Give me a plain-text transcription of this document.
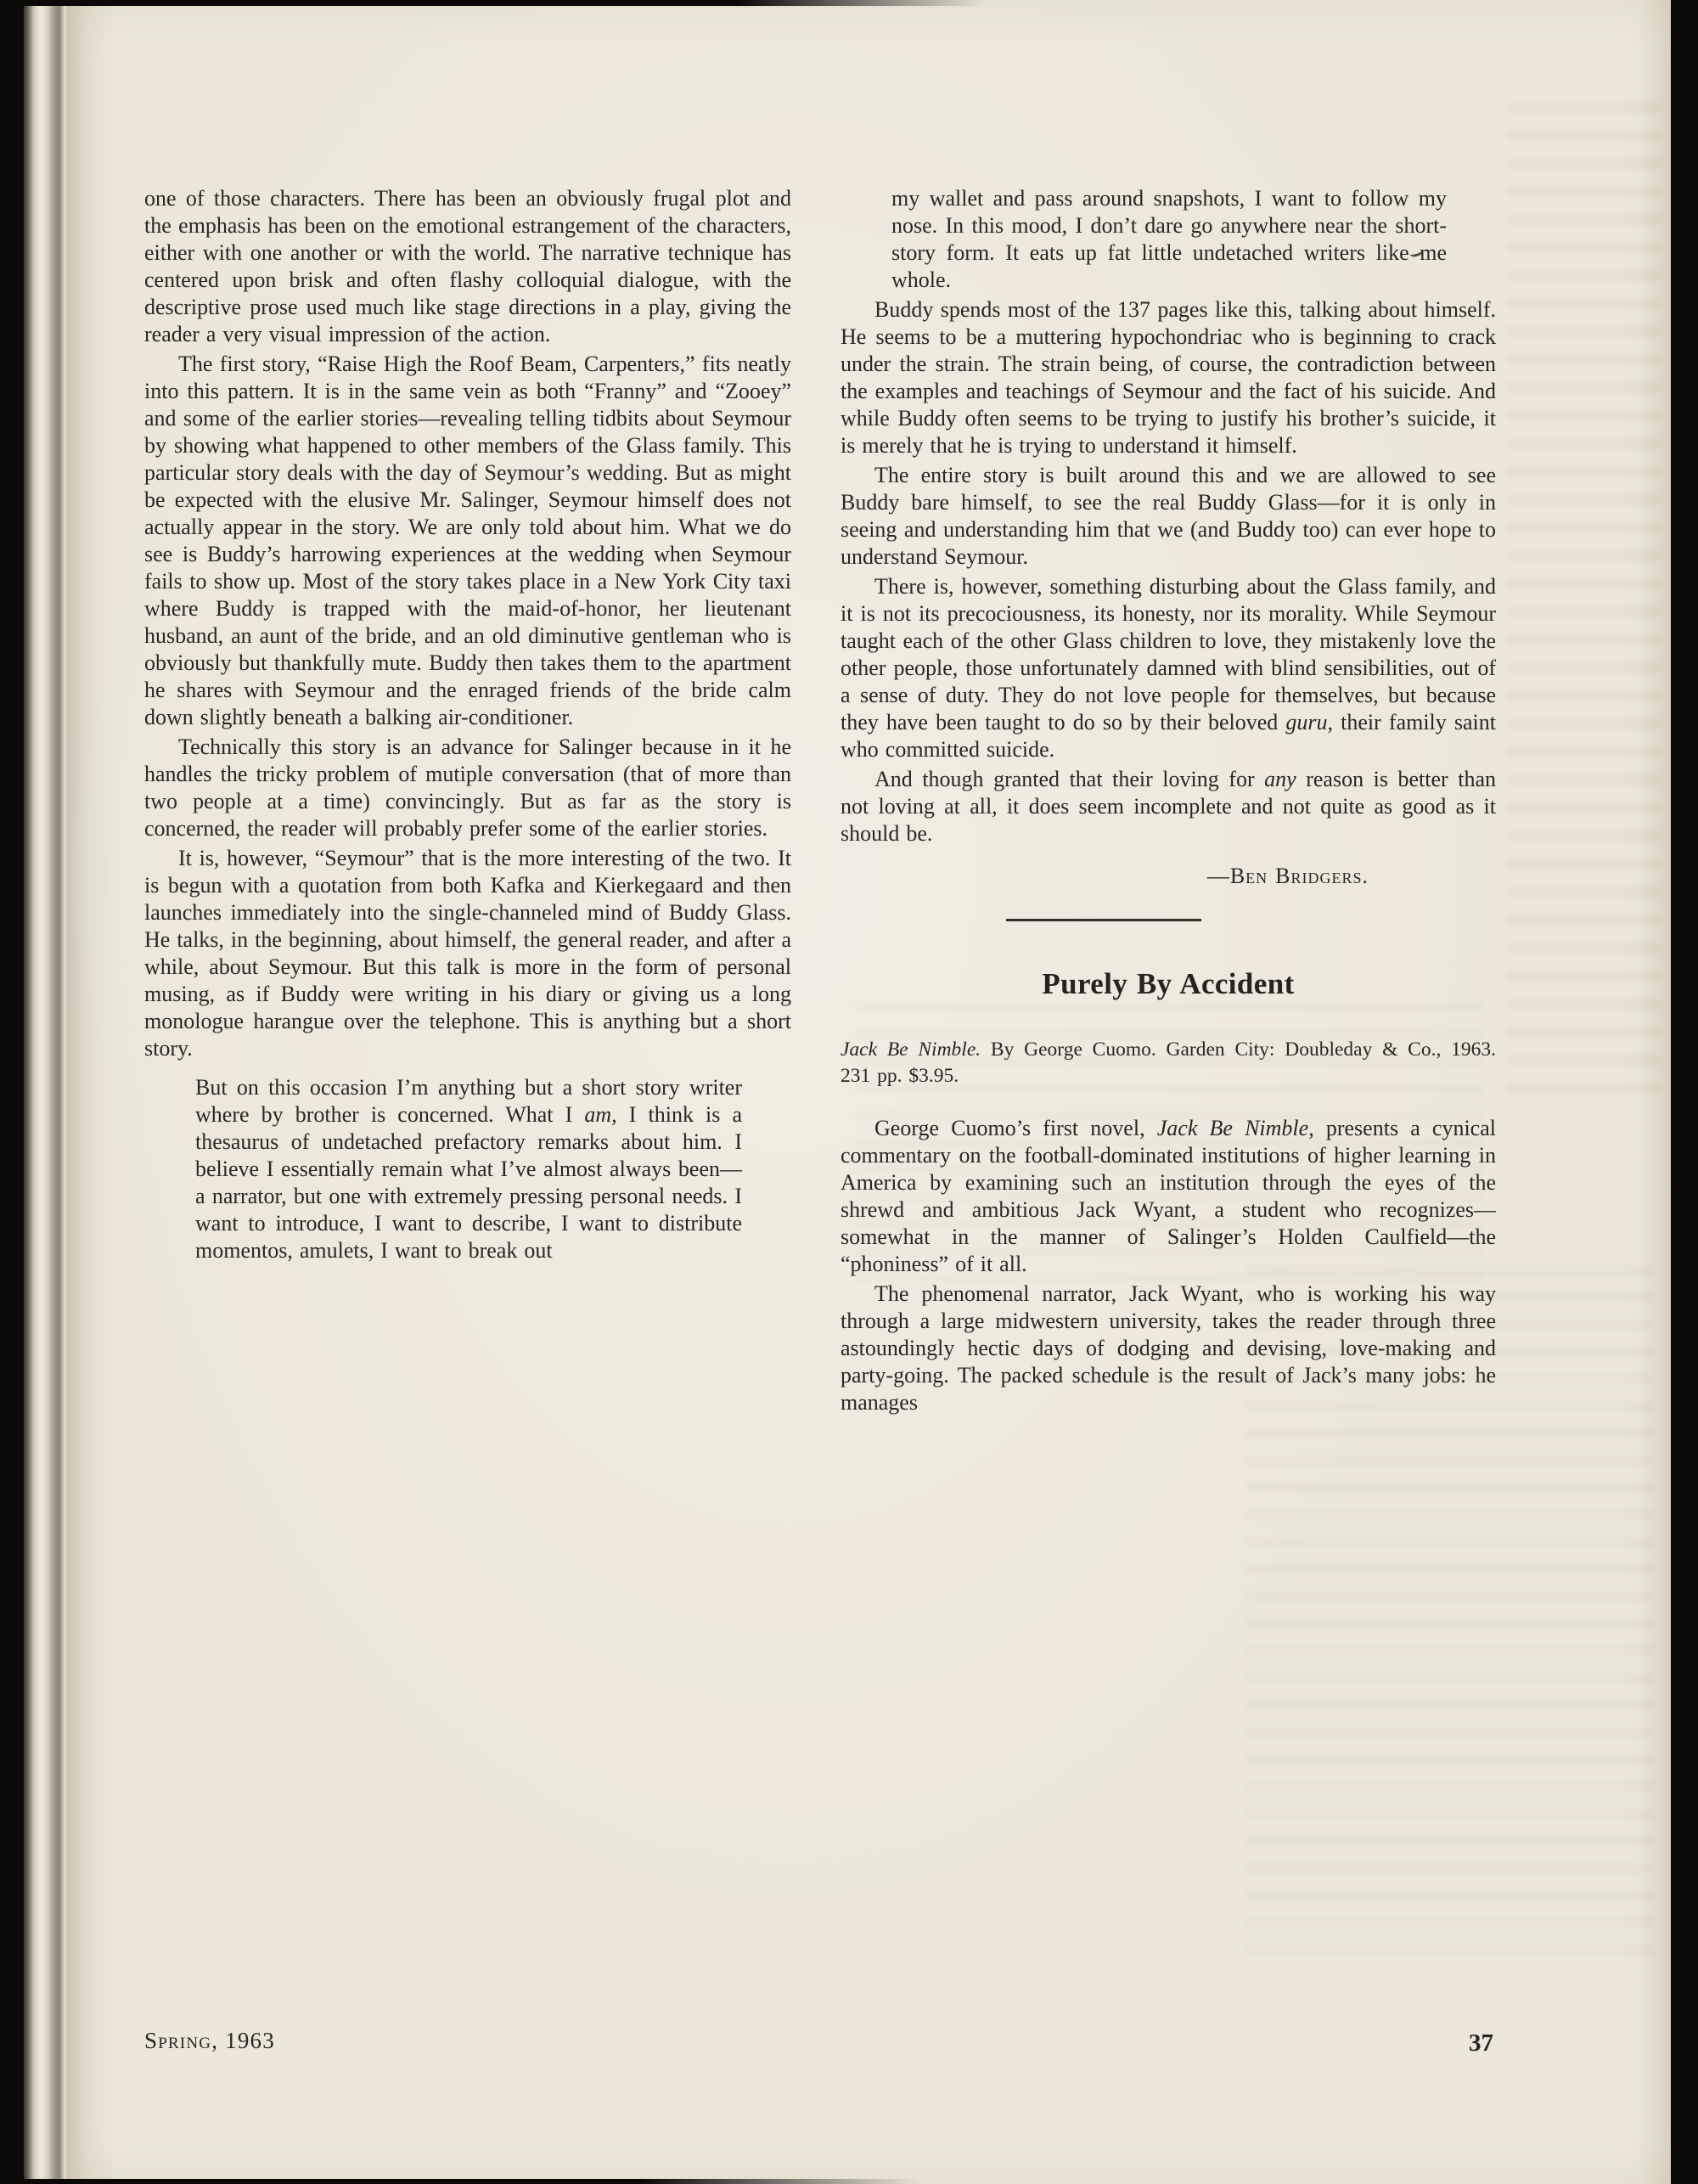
one of those characters. There has been an obviously frugal plot and the emphasis has been on the emotional estrangement of the characters, either with one another or with the world. The narrative technique has centered upon brisk and often flashy colloquial dialogue, with the descriptive prose used much like stage directions in a play, giving the reader a very visual impression of the action.
The first story, “Raise High the Roof Beam, Carpenters,” fits neatly into this pattern. It is in the same vein as both “Franny” and “Zooey” and some of the earlier stories—revealing telling tidbits about Seymour by showing what happened to other members of the Glass family. This particular story deals with the day of Seymour’s wedding. But as might be expected with the elusive Mr. Salinger, Seymour himself does not actually appear in the story. We are only told about him. What we do see is Buddy’s harrowing experiences at the wedding when Seymour fails to show up. Most of the story takes place in a New York City taxi where Buddy is trapped with the maid-of-honor, her lieutenant husband, an aunt of the bride, and an old diminutive gentleman who is obviously but thankfully mute. Buddy then takes them to the apartment he shares with Seymour and the enraged friends of the bride calm down slightly beneath a balking air-conditioner.
Technically this story is an advance for Salinger because in it he handles the tricky problem of mutiple conversation (that of more than two people at a time) convincingly. But as far as the story is concerned, the reader will probably prefer some of the earlier stories.
It is, however, “Seymour” that is the more interesting of the two. It is begun with a quotation from both Kafka and Kierkegaard and then launches immediately into the single-channeled mind of Buddy Glass. He talks, in the beginning, about himself, the general reader, and after a while, about Seymour. But this talk is more in the form of personal musing, as if Buddy were writing in his diary or giving us a long monologue harangue over the telephone. This is anything but a short story.
But on this occasion I’m anything but a short story writer where by brother is concerned. What I am, I think is a thesaurus of undetached prefactory remarks about him. I believe I essentially remain what I’ve almost always been—a narrator, but one with extremely pressing personal needs. I want to introduce, I want to describe, I want to distribute momentos, amulets, I want to break out
my wallet and pass around snapshots, I want to follow my nose. In this mood, I don’t dare go anywhere near the short-story form. It eats up fat little undetached writers like me whole.
Buddy spends most of the 137 pages like this, talking about himself. He seems to be a muttering hypochondriac who is beginning to crack under the strain. The strain being, of course, the contradiction between the examples and teachings of Seymour and the fact of his suicide. And while Buddy often seems to be trying to justify his brother’s suicide, it is merely that he is trying to understand it himself.
The entire story is built around this and we are allowed to see Buddy bare himself, to see the real Buddy Glass—for it is only in seeing and understanding him that we (and Buddy too) can ever hope to understand Seymour.
There is, however, something disturbing about the Glass family, and it is not its precociousness, its honesty, nor its morality. While Seymour taught each of the other Glass children to love, they mistakenly love the other people, those unfortunately damned with blind sensibilities, out of a sense of duty. They do not love people for themselves, but because they have been taught to do so by their beloved guru, their family saint who committed suicide.
And though granted that their loving for any reason is better than not loving at all, it does seem incomplete and not quite as good as it should be.
—Ben Bridgers.
Purely By Accident
Jack Be Nimble. By George Cuomo. Garden City: Doubleday & Co., 1963. 231 pp. $3.95.
George Cuomo’s first novel, Jack Be Nimble, presents a cynical commentary on the football-dominated institutions of higher learning in America by examining such an institution through the eyes of the shrewd and ambitious Jack Wyant, a student who recognizes—somewhat in the manner of Salinger’s Holden Caulfield—the “phoniness” of it all.
The phenomenal narrator, Jack Wyant, who is working his way through a large midwestern university, takes the reader through three astoundingly hectic days of dodging and devising, love-making and party-going. The packed schedule is the result of Jack’s many jobs: he manages
Spring, 1963	37
